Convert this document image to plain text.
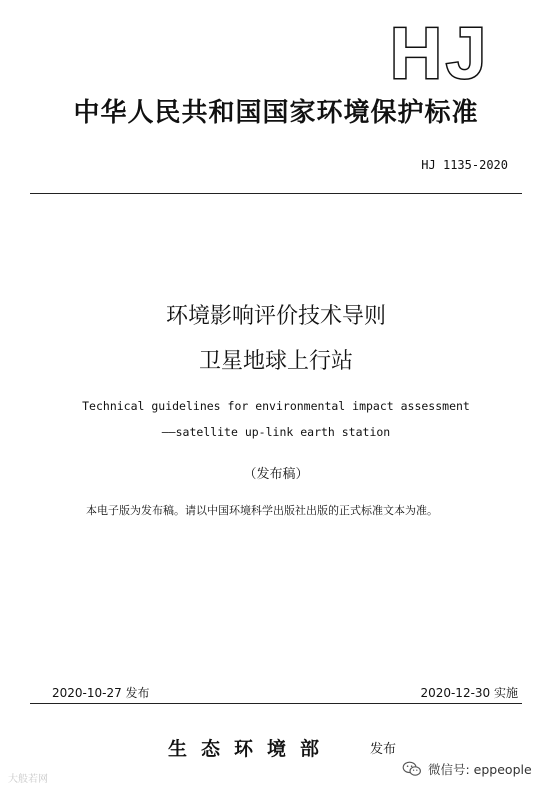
HJ
中华人民共和国国家环境保护标准
HJ 1135-2020
环境影响评价技术导则
卫星地球上行站
Technical guidelines for environmental impact assessment
——satellite up-link earth station
（发布稿）
本电子版为发布稿。请以中国环境科学出版社出版的正式标准文本为准。
2020-10-27 发布	2020-12-30 实施
生态环境部	发布
大般若网
微信号: eppeople
